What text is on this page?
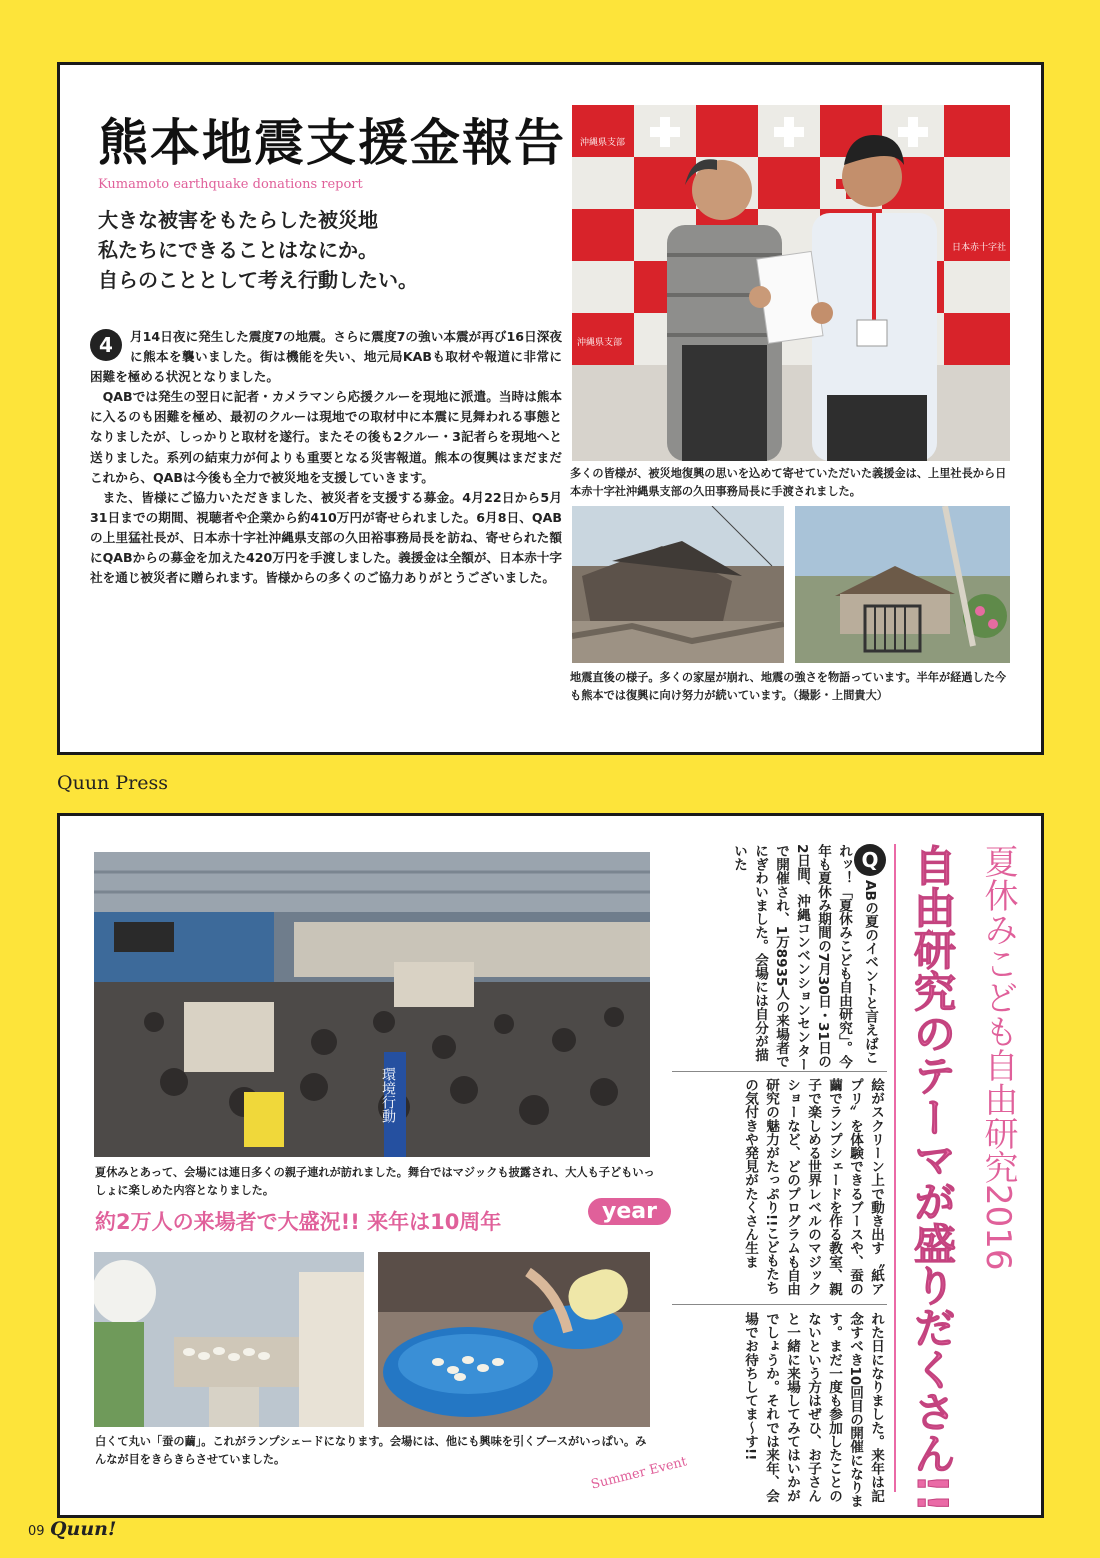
熊本地震支援金報告
Kumamoto earthquake donations report
大きな被害をもたらした被災地
私たちにできることはなにか。
自らのこととして考え行動したい。

4	月14日夜に発生した震度7の地震。さらに震度7の強い本震が再び16日深夜に熊本を襲いました。街は機能を失い、地元局KABも取材や報道に非常に困難を極める状況となりました。

QABでは発生の翌日に記者・カメラマンら応援クルーを現地に派遣。当時は熊本に入るのも困難を極め、最初のクルーは現地での取材中に本震に見舞われる事態となりましたが、しっかりと取材を遂行。またその後も2クルー・3記者らを現地へと送りました。系列の結束力が何よりも重要となる災害報道。熊本の復興はまだまだこれから、QABは今後も全力で被災地を支援していきます。

また、皆様にご協力いただきました、被災者を支援する募金。4月22日から5月31日までの期間、視聴者や企業から約410万円が寄せられました。6月8日、QABの上里猛社長が、日本赤十字社沖縄県支部の久田裕事務局長を訪ね、寄せられた額にQABからの募金を加えた420万円を手渡しました。義援金は全額が、日本赤十字社を通じ被災者に贈られます。皆様からの多くのご協力ありがとうございました。

沖縄県支部
日本赤十字社
沖縄県支部
多くの皆様が、被災地復興の思いを込めて寄せていただいた義援金は、上里社長から日本赤十字社沖縄県支部の久田事務局長に手渡されました。
地震直後の様子。多くの家屋が崩れ、地震の強さを物語っています。半年が経過した今も熊本では復興に向け努力が続いています。（撮影・上間貴大）
Quun Press
環境行動
夏休みとあって、会場には連日多くの親子連れが訪れました。舞台ではマジックも披露され、大人も子どもいっしょに楽しめた内容となりました。
約2万人の来場者で大盛況!! 来年は10周年	year
白くて丸い「蚕の繭」。これがランプシェードになります。会場には、他にも興味を引くブースがいっぱい。みんなが目をきらきらさせていました。	Summer Event
QABの夏のイベントと言えばこれッ！「夏休みこども自由研究」。今年も夏休み期間の7月30日・31日の2日間、沖縄コンベンションセンターで開催され、1万8935人の来場者でにぎわいました。会場には自分が描いた
絵がスクリーン上で動き出す〝紙アプリ〟を体験できるブースや、蚕の繭でランプシェードを作る教室、親子で楽しめる世界レベルのマジックショーなど、どのプログラムも自由研究の魅力がたっぷり!!こどもたちの気付きや発見がたくさん生ま
れた日になりました。来年は記念すべき10回目の開催になります。まだ一度も参加したことのないという方はぜひ、お子さんと一緒に来場してみてはいかがでしょうか。それでは来年、会場でお待ちしてま〜す!!	自由研究のテーマが盛りだくさん!! 夏休みこども自由研究2016
09 Quun!
